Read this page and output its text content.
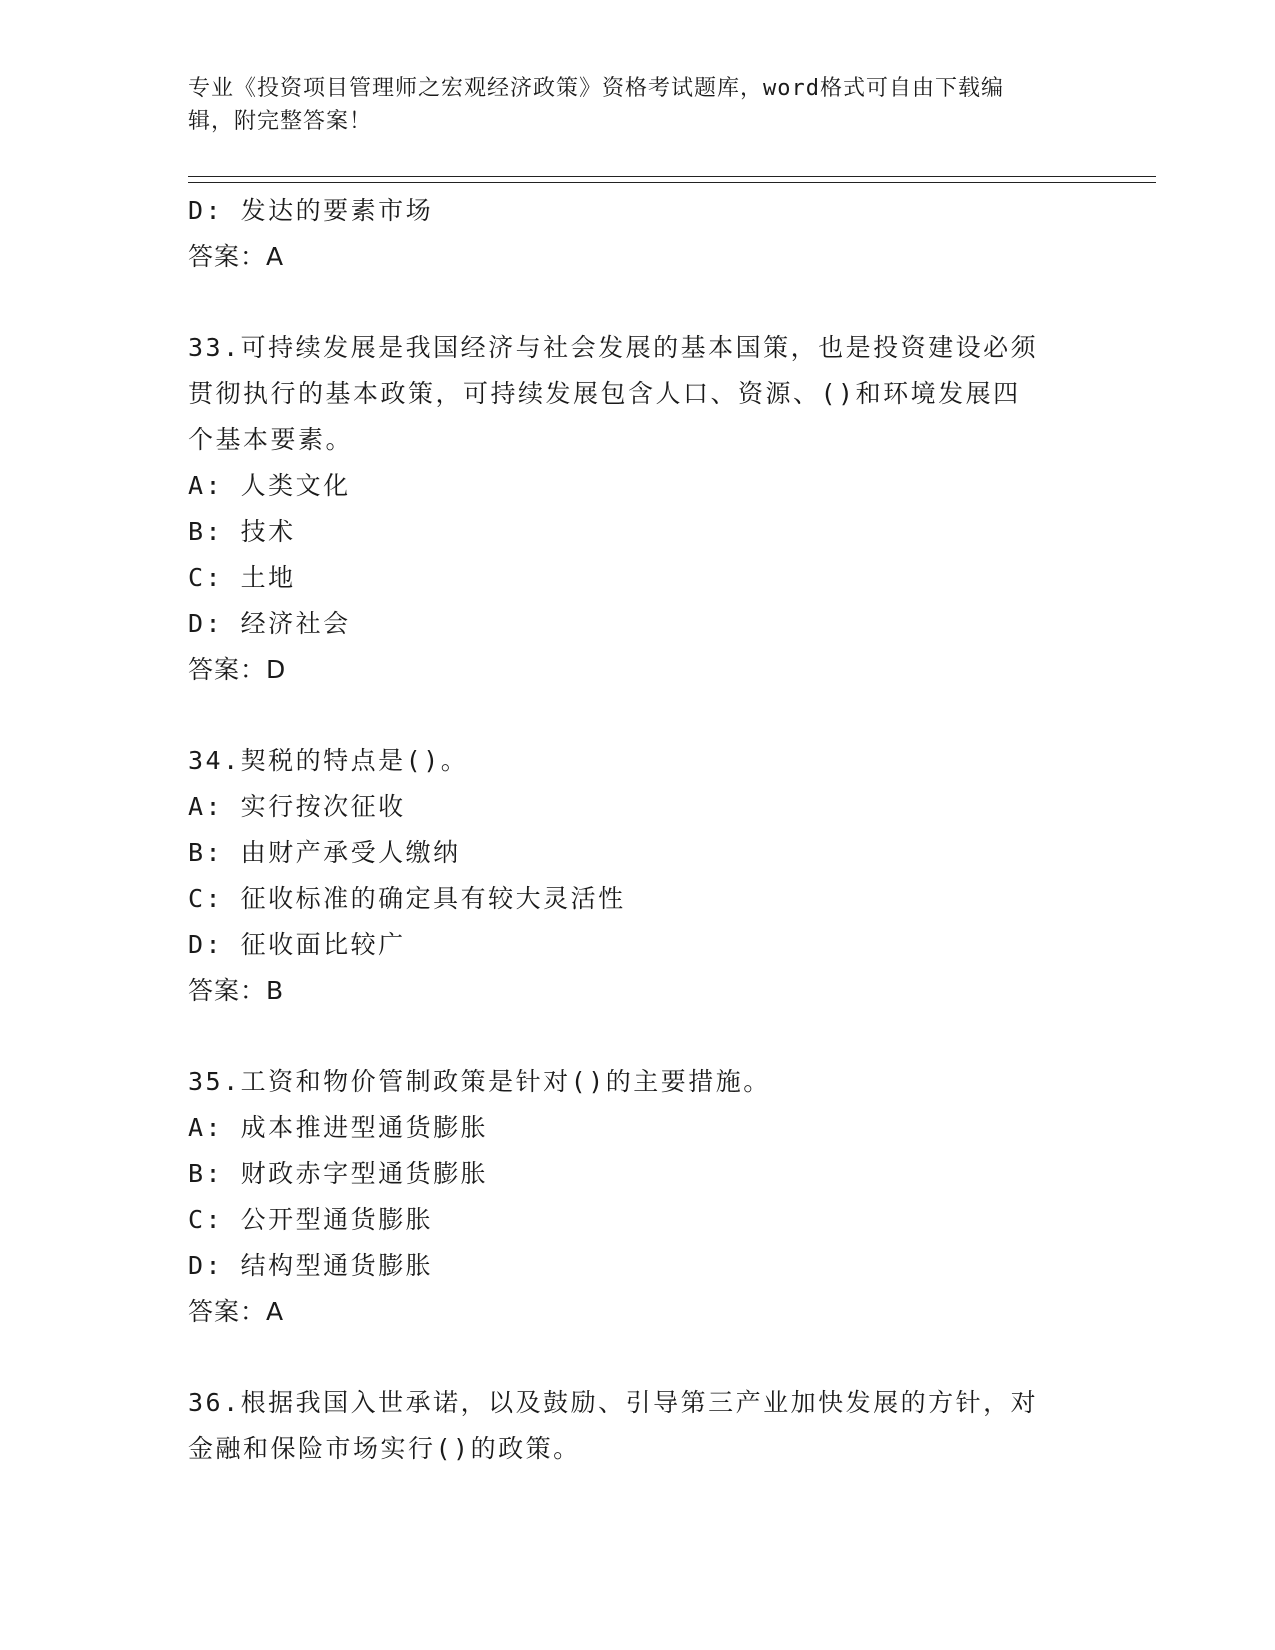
专业《投资项目管理师之宏观经济政策》资格考试题库，word格式可自由下载编
辑，附完整答案！
D: 发达的要素市场
答案：A
33.可持续发展是我国经济与社会发展的基本国策，也是投资建设必须
贯彻执行的基本政策，可持续发展包含人口、资源、()和环境发展四
个基本要素。
A: 人类文化
B: 技术
C: 土地
D: 经济社会
答案：D
34.契税的特点是()。
A: 实行按次征收
B: 由财产承受人缴纳
C: 征收标准的确定具有较大灵活性
D: 征收面比较广
答案：B
35.工资和物价管制政策是针对()的主要措施。
A: 成本推进型通货膨胀
B: 财政赤字型通货膨胀
C: 公开型通货膨胀
D: 结构型通货膨胀
答案：A
36.根据我国入世承诺，以及鼓励、引导第三产业加快发展的方针，对
金融和保险市场实行()的政策。
